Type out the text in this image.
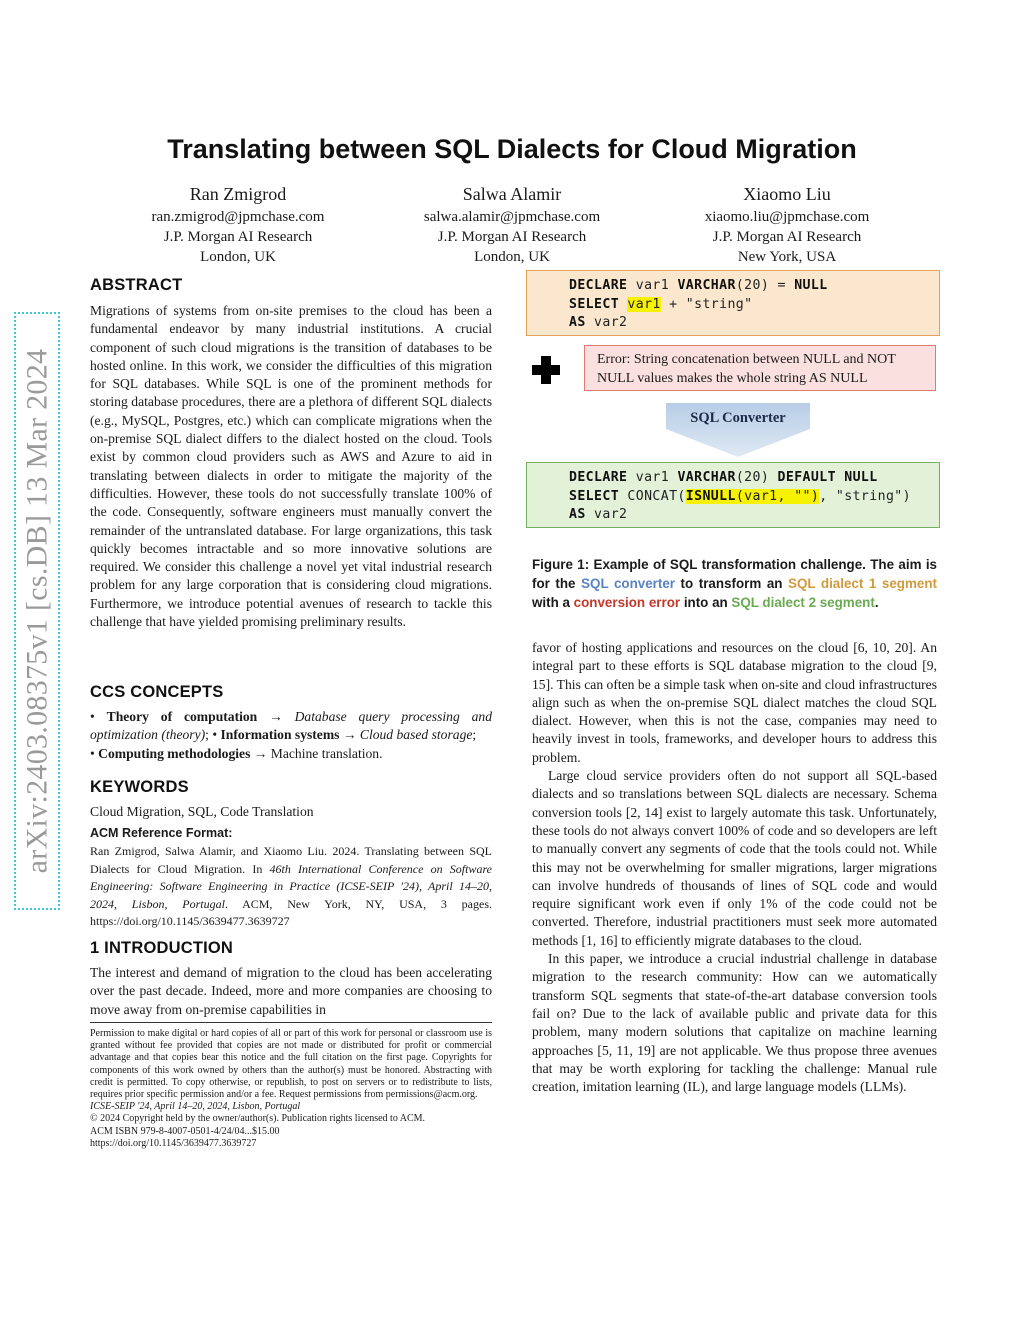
arXiv:2403.08375v1 [cs.DB] 13 Mar 2024
Translating between SQL Dialects for Cloud Migration
Ran Zmigrod
ran.zmigrod@jpmchase.com
J.P. Morgan AI Research
London, UK
Salwa Alamir
salwa.alamir@jpmchase.com
J.P. Morgan AI Research
London, UK
Xiaomo Liu
xiaomo.liu@jpmchase.com
J.P. Morgan AI Research
New York, USA
ABSTRACT

Migrations of systems from on-site premises to the cloud has been a fundamental endeavor by many industrial institutions. A crucial component of such cloud migrations is the transition of databases to be hosted online. In this work, we consider the difficulties of this migration for SQL databases. While SQL is one of the prominent methods for storing database procedures, there are a plethora of different SQL dialects (e.g., MySQL, Postgres, etc.) which can complicate migrations when the on-premise SQL dialect differs to the dialect hosted on the cloud. Tools exist by common cloud providers such as AWS and Azure to aid in translating between dialects in order to mitigate the majority of the difficulties. However, these tools do not successfully translate 100% of the code. Consequently, software engineers must manually convert the remainder of the untranslated database. For large organizations, this task quickly becomes intractable and so more innovative solutions are required. We consider this challenge a novel yet vital industrial research problem for any large corporation that is considering cloud migrations. Furthermore, we introduce potential avenues of research to tackle this challenge that have yielded promising preliminary results.

CCS CONCEPTS
• Theory of computation → Database query processing and optimization (theory); • Information systems → Cloud based storage;
• Computing methodologies → Machine translation.
KEYWORDS
Cloud Migration, SQL, Code Translation
ACM Reference Format:
Ran Zmigrod, Salwa Alamir, and Xiaomo Liu. 2024. Translating between SQL Dialects for Cloud Migration. In 46th International Conference on Software Engineering: Software Engineering in Practice (ICSE-SEIP '24), April 14–20, 2024, Lisbon, Portugal. ACM, New York, NY, USA, 3 pages. https://doi.org/10.1145/3639477.3639727
1 INTRODUCTION

The interest and demand of migration to the cloud has been accelerating over the past decade. Indeed, more and more companies are choosing to move away from on-premise capabilities in

Permission to make digital or hard copies of all or part of this work for personal or classroom use is granted without fee provided that copies are not made or distributed for profit or commercial advantage and that copies bear this notice and the full citation on the first page. Copyrights for components of this work owned by others than the author(s) must be honored. Abstracting with credit is permitted. To copy otherwise, or republish, to post on servers or to redistribute to lists, requires prior specific permission and/or a fee. Request permissions from permissions@acm.org.

ICSE-SEIP '24, April 14–20, 2024, Lisbon, Portugal

© 2024 Copyright held by the owner/author(s). Publication rights licensed to ACM.

ACM ISBN 979-8-4007-0501-4/24/04...$15.00

https://doi.org/10.1145/3639477.3639727

DECLARE var1 VARCHAR(20) = NULL
SELECT var1 + "string"
AS var2
Error: String concatenation between NULL and NOT NULL values makes the whole string AS NULL
SQL Converter
DECLARE var1 VARCHAR(20) DEFAULT NULL
SELECT CONCAT(ISNULL(var1, ""), "string")
AS var2
Figure 1: Example of SQL transformation challenge. The aim is for the SQL converter to transform an SQL dialect 1 segment with a conversion error into an SQL dialect 2 segment.

favor of hosting applications and resources on the cloud [6, 10, 20]. An integral part to these efforts is SQL database migration to the cloud [9, 15]. This can often be a simple task when on-site and cloud infrastructures align such as when the on-premise SQL dialect matches the cloud SQL dialect. However, when this is not the case, companies may need to heavily invest in tools, frameworks, and developer hours to address this problem.

Large cloud service providers often do not support all SQL-based dialects and so translations between SQL dialects are necessary. Schema conversion tools [2, 14] exist to largely automate this task. Unfortunately, these tools do not always convert 100% of code and so developers are left to manually convert any segments of code that the tools could not. While this may not be overwhelming for smaller migrations, larger migrations can involve hundreds of thousands of lines of SQL code and would require significant work even if only 1% of the code could not be converted. Therefore, industrial practitioners must seek more automated methods [1, 16] to efficiently migrate databases to the cloud.

In this paper, we introduce a crucial industrial challenge in database migration to the research community: How can we automatically transform SQL segments that state-of-the-art database conversion tools fail on? Due to the lack of available public and private data for this problem, many modern solutions that capitalize on machine learning approaches [5, 11, 19] are not applicable. We thus propose three avenues that may be worth exploring for tackling the challenge: Manual rule creation, imitation learning (IL), and large language models (LLMs).
